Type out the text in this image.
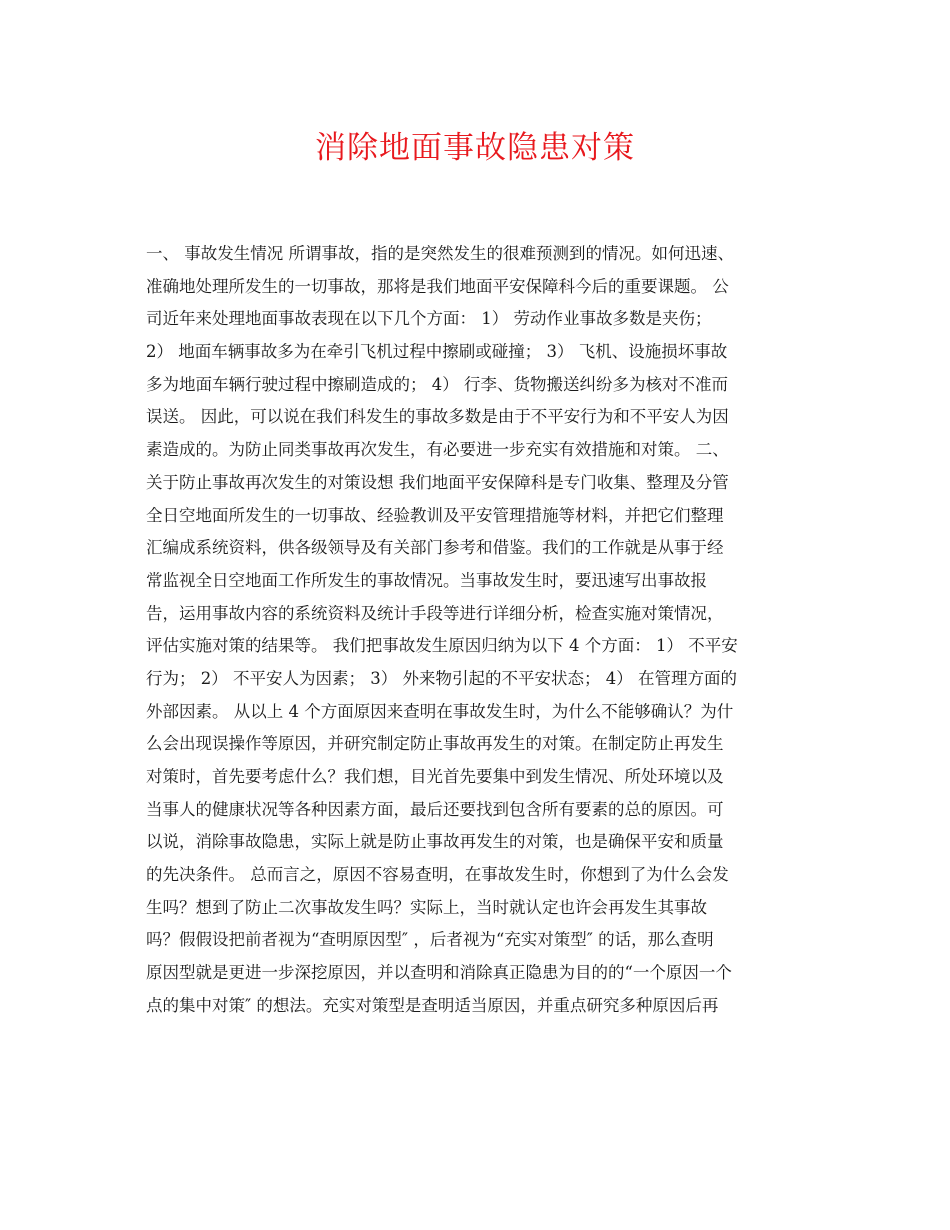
消除地面事故隐患对策
一、 事故发生情况 所谓事故，指的是突然发生的很难预测到的情况。如何迅速、
准确地处理所发生的一切事故，那将是我们地面平安保障科今后的重要课题。 公
司近年来处理地面事故表现在以下几个方面： 1） 劳动作业事故多数是夹伤；
2） 地面车辆事故多为在牵引飞机过程中擦刷或碰撞； 3） 飞机、设施损坏事故
多为地面车辆行驶过程中擦刷造成的； 4） 行李、货物搬送纠纷多为核对不准而
误送。 因此，可以说在我们科发生的事故多数是由于不平安行为和不平安人为因
素造成的。为防止同类事故再次发生，有必要进一步充实有效措施和对策。 二、
关于防止事故再次发生的对策设想 我们地面平安保障科是专门收集、整理及分管
全日空地面所发生的一切事故、经验教训及平安管理措施等材料，并把它们整理
汇编成系统资料，供各级领导及有关部门参考和借鉴。我们的工作就是从事于经
常监视全日空地面工作所发生的事故情况。当事故发生时，要迅速写出事故报
告，运用事故内容的系统资料及统计手段等进行详细分析，检查实施对策情况，
评估实施对策的结果等。 我们把事故发生原因归纳为以下 4 个方面： 1） 不平安
行为； 2） 不平安人为因素； 3） 外来物引起的不平安状态； 4） 在管理方面的
外部因素。 从以上 4 个方面原因来查明在事故发生时，为什么不能够确认？为什
么会出现误操作等原因，并研究制定防止事故再发生的对策。在制定防止再发生
对策时，首先要考虑什么？我们想，目光首先要集中到发生情况、所处环境以及
当事人的健康状况等各种因素方面，最后还要找到包含所有要素的总的原因。可
以说，消除事故隐患，实际上就是防止事故再发生的对策，也是确保平安和质量
的先决条件。 总而言之，原因不容易查明，在事故发生时，你想到了为什么会发
生吗？想到了防止二次事故发生吗？实际上，当时就认定也许会再发生其事故
吗？假假设把前者视为“查明原因型″ ，后者视为“充实对策型″ 的话，那么查明
原因型就是更进一步深挖原因，并以查明和消除真正隐患为目的的“一个原因一个
点的集中对策″ 的想法。充实对策型是查明适当原因，并重点研究多种原因后再
